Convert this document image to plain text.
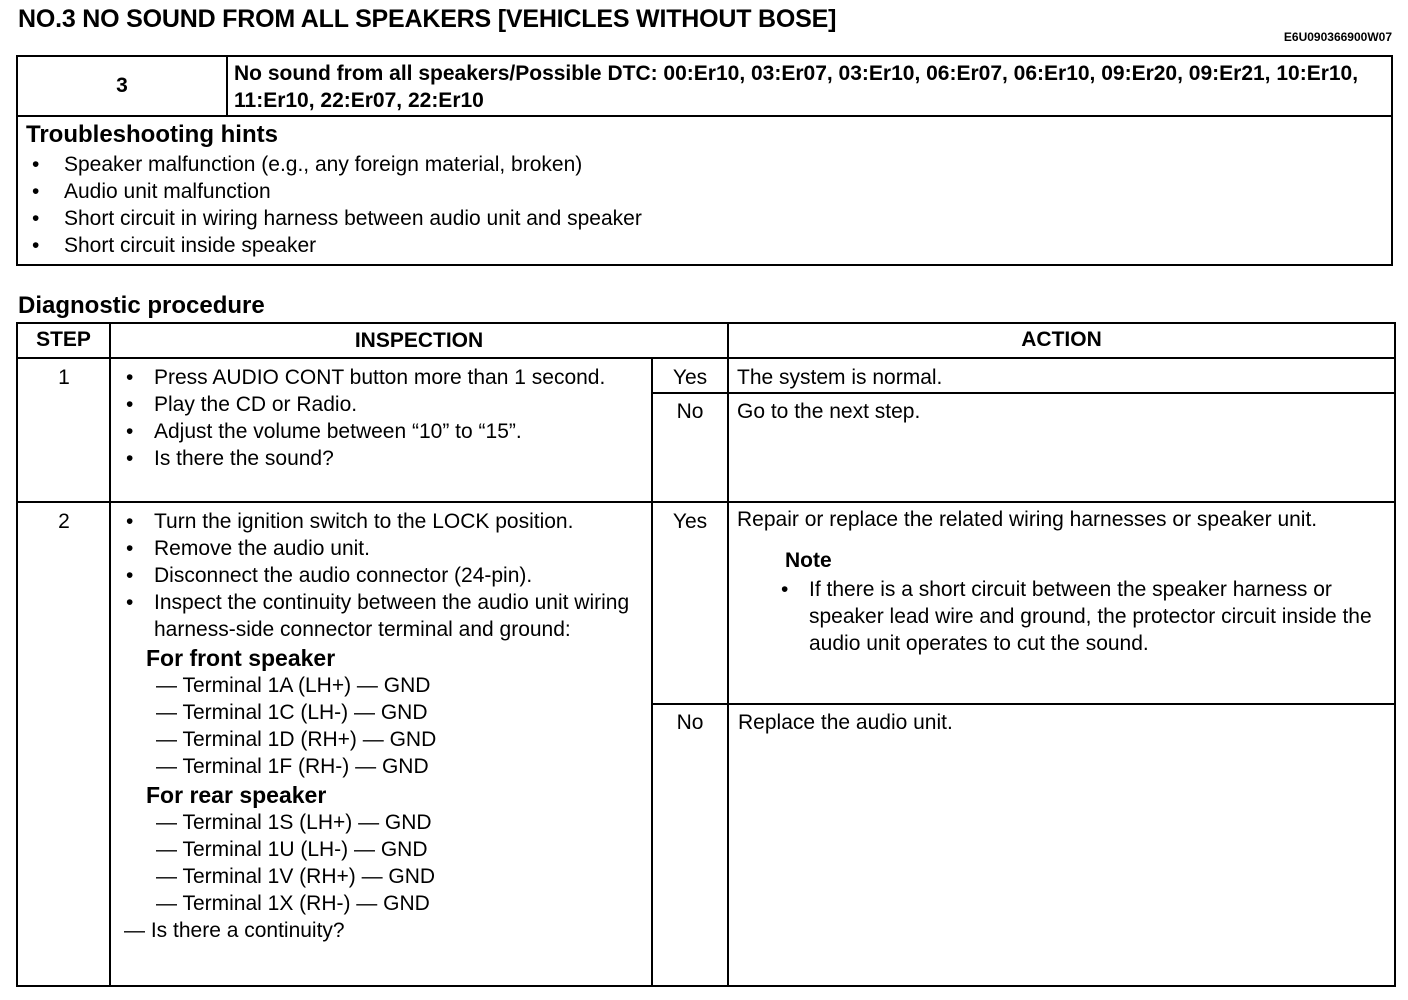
NO.3 NO SOUND FROM ALL SPEAKERS [VEHICLES WITHOUT BOSE]
E6U090366900W07
3
No sound from all speakers/Possible DTC: 00:Er10, 03:Er07, 03:Er10, 06:Er07, 06:Er10, 09:Er20, 09:Er21, 10:Er10, 11:Er10, 22:Er07, 22:Er10
Troubleshooting hints
• Speaker malfunction (e.g., any foreign material, broken)
• Audio unit malfunction
• Short circuit in wiring harness between audio unit and speaker
• Short circuit inside speaker
Diagnostic procedure
STEP	INSPECTION	ACTION
1	• Press AUDIO CONT button more than 1 second.
• Play the CD or Radio.
• Adjust the volume between “10” to “15”.
• Is there the sound?
Yes	The system is normal.
No	Go to the next step.
2	• Turn the ignition switch to the LOCK position.
• Remove the audio unit.
• Disconnect the audio connector (24-pin).
• Inspect the continuity between the audio unit wiring harness-side connector terminal and ground:
For front speaker
— Terminal 1A (LH+) — GND
— Terminal 1C (LH-) — GND
— Terminal 1D (RH+) — GND
— Terminal 1F (RH-) — GND
For rear speaker
— Terminal 1S (LH+) — GND
— Terminal 1U (LH-) — GND
— Terminal 1V (RH+) — GND
— Terminal 1X (RH-) — GND
— Is there a continuity?
Yes	Repair or replace the related wiring harnesses or speaker unit.
Note
• If there is a short circuit between the speaker harness or speaker lead wire and ground, the protector circuit inside the audio unit operates to cut the sound.
No	Replace the audio unit.
